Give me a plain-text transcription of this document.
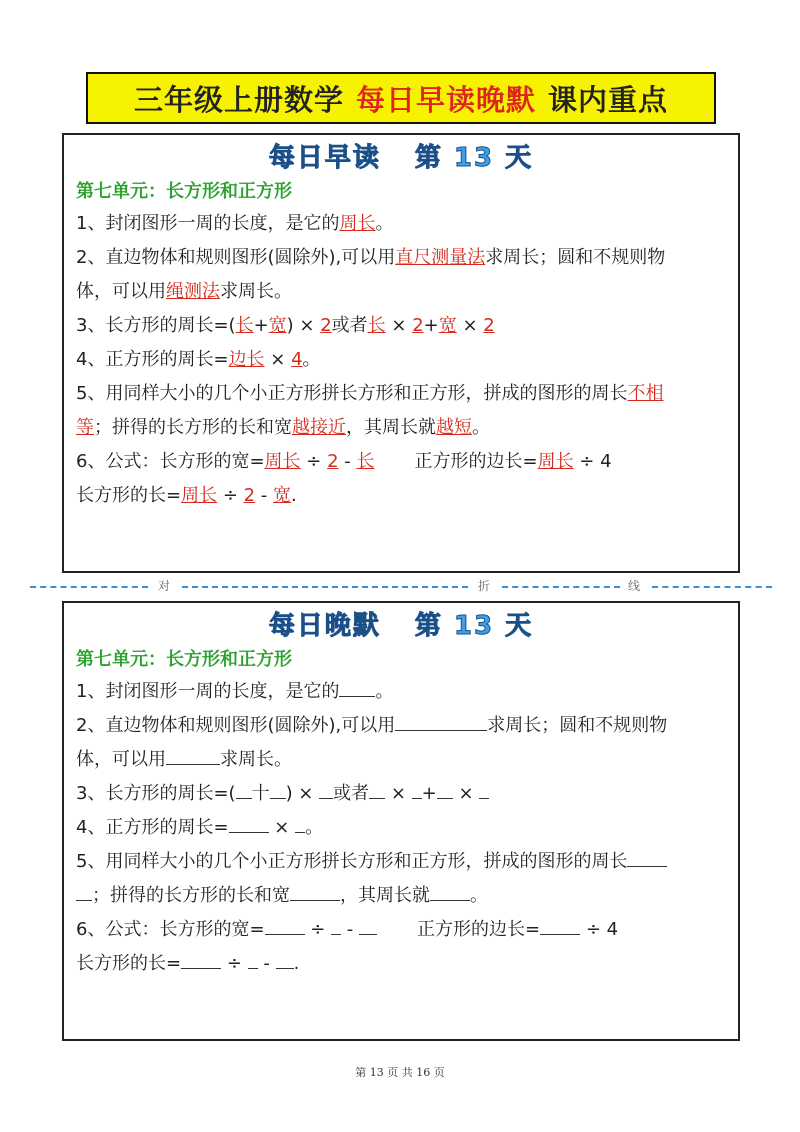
三年级上册数学 每日早读晚默 课内重点
每日早读 第 13 天
第七单元：长方形和正方形
1、封闭图形一周的长度，是它的周长。
2、直边物体和规则图形(圆除外),可以用直尺测量法求周长；圆和不规则物
体，可以用绳测法求周长。
3、长方形的周长=(长+宽) × 2或者长 × 2+宽 × 2
4、正方形的周长=边长 × 4。
5、用同样大小的几个小正方形拼长方形和正方形，拼成的图形的周长不相
等；拼得的长方形的长和宽越接近，其周长就越短。
6、公式：长方形的宽=周长 ÷ 2 - 长 正方形的边长=周长 ÷ 4
长方形的长=周长 ÷ 2 - 宽.
对	折	线
每日晚默 第 13 天
第七单元：长方形和正方形
1、封闭图形一周的长度，是它的 。
2、直边物体和规则图形(圆除外),可以用	求周长；圆和不规则物
体，可以用	求周长。
3、长方形的周长=( 十 ) × 或者 × + ×
4、正方形的周长= × 。
5、用同样大小的几个小正方形拼长方形和正方形，拼成的图形的周长
；拼得的长方形的长和宽	，其周长就 。
6、公式：长方形的宽= ÷  -	正方形的边长= ÷ 4
长方形的长= ÷  - .
第 13 页 共 16 页
